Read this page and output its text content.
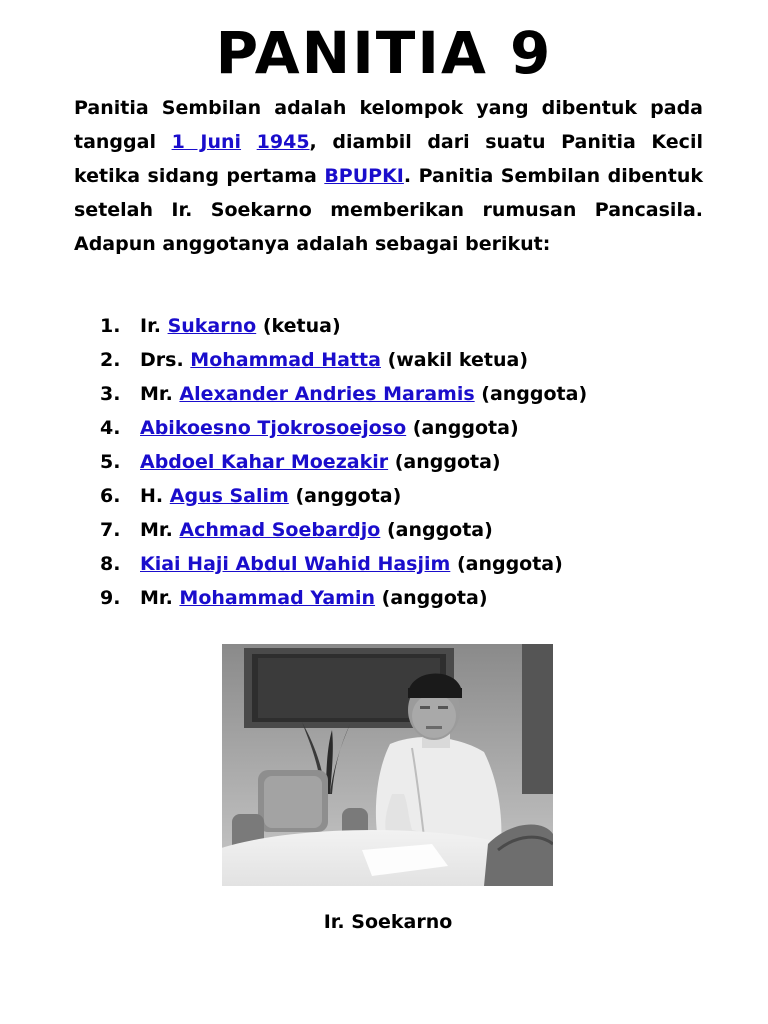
PANITIA 9

Panitia Sembilan adalah kelompok yang dibentuk pada tanggal 1 Juni 1945, diambil dari suatu Panitia Kecil ketika sidang pertama BPUPKI. Panitia Sembilan dibentuk setelah Ir. Soekarno memberikan rumusan Pancasila. Adapun anggotanya adalah sebagai berikut:

1. Ir. Sukarno (ketua)
2. Drs. Mohammad Hatta (wakil ketua)
3. Mr. Alexander Andries Maramis (anggota)
4. Abikoesno Tjokrosoejoso (anggota)
5. Abdoel Kahar Moezakir (anggota)
6. H. Agus Salim (anggota)
7. Mr. Achmad Soebardjo (anggota)
8. Kiai Haji Abdul Wahid Hasjim (anggota)
9. Mr. Mohammad Yamin (anggota)

Ir. Soekarno
